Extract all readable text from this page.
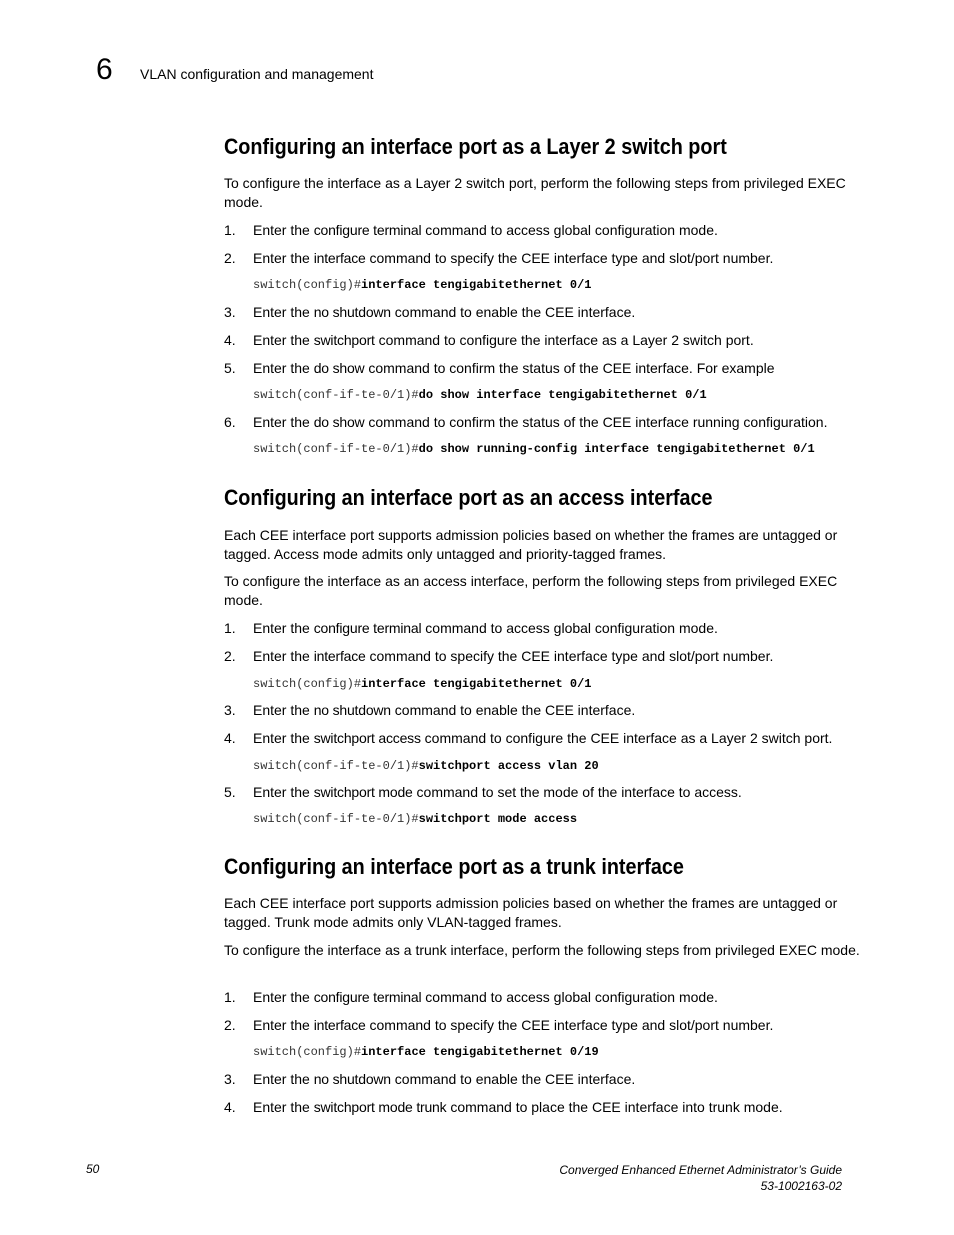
6 VLAN configuration and management
Configuring an interface port as a Layer 2 switch port

To configure the interface as a Layer 2 switch port, perform the following steps from privileged EXEC mode.

1. Enter the configure terminal command to access global configuration mode.
2. Enter the interface command to specify the CEE interface type and slot/port number.
switch(config)#interface tengigabitethernet 0/1
3. Enter the no shutdown command to enable the CEE interface.
4. Enter the switchport command to configure the interface as a Layer 2 switch port.
5. Enter the do show command to confirm the status of the CEE interface. For example
switch(conf-if-te-0/1)#do show interface tengigabitethernet 0/1
6. Enter the do show command to confirm the status of the CEE interface running configuration.
switch(conf-if-te-0/1)#do show running-config interface tengigabitethernet 0/1
Configuring an interface port as an access interface

Each CEE interface port supports admission policies based on whether the frames are untagged or tagged. Access mode admits only untagged and priority-tagged frames.

To configure the interface as an access interface, perform the following steps from privileged EXEC mode.

1. Enter the configure terminal command to access global configuration mode.
2. Enter the interface command to specify the CEE interface type and slot/port number.
switch(config)#interface tengigabitethernet 0/1
3. Enter the no shutdown command to enable the CEE interface.
4. Enter the switchport access command to configure the CEE interface as a Layer 2 switch port.
switch(conf-if-te-0/1)#switchport access vlan 20
5. Enter the switchport mode command to set the mode of the interface to access.
switch(conf-if-te-0/1)#switchport mode access
Configuring an interface port as a trunk interface

Each CEE interface port supports admission policies based on whether the frames are untagged or tagged. Trunk mode admits only VLAN-tagged frames.

To configure the interface as a trunk interface, perform the following steps from privileged EXEC mode.

1. Enter the configure terminal command to access global configuration mode.
2. Enter the interface command to specify the CEE interface type and slot/port number.
switch(config)#interface tengigabitethernet 0/19
3. Enter the no shutdown command to enable the CEE interface.
4. Enter the switchport mode trunk command to place the CEE interface into trunk mode.
50	Converged Enhanced Ethernet Administrator’s Guide
53-1002163-02
